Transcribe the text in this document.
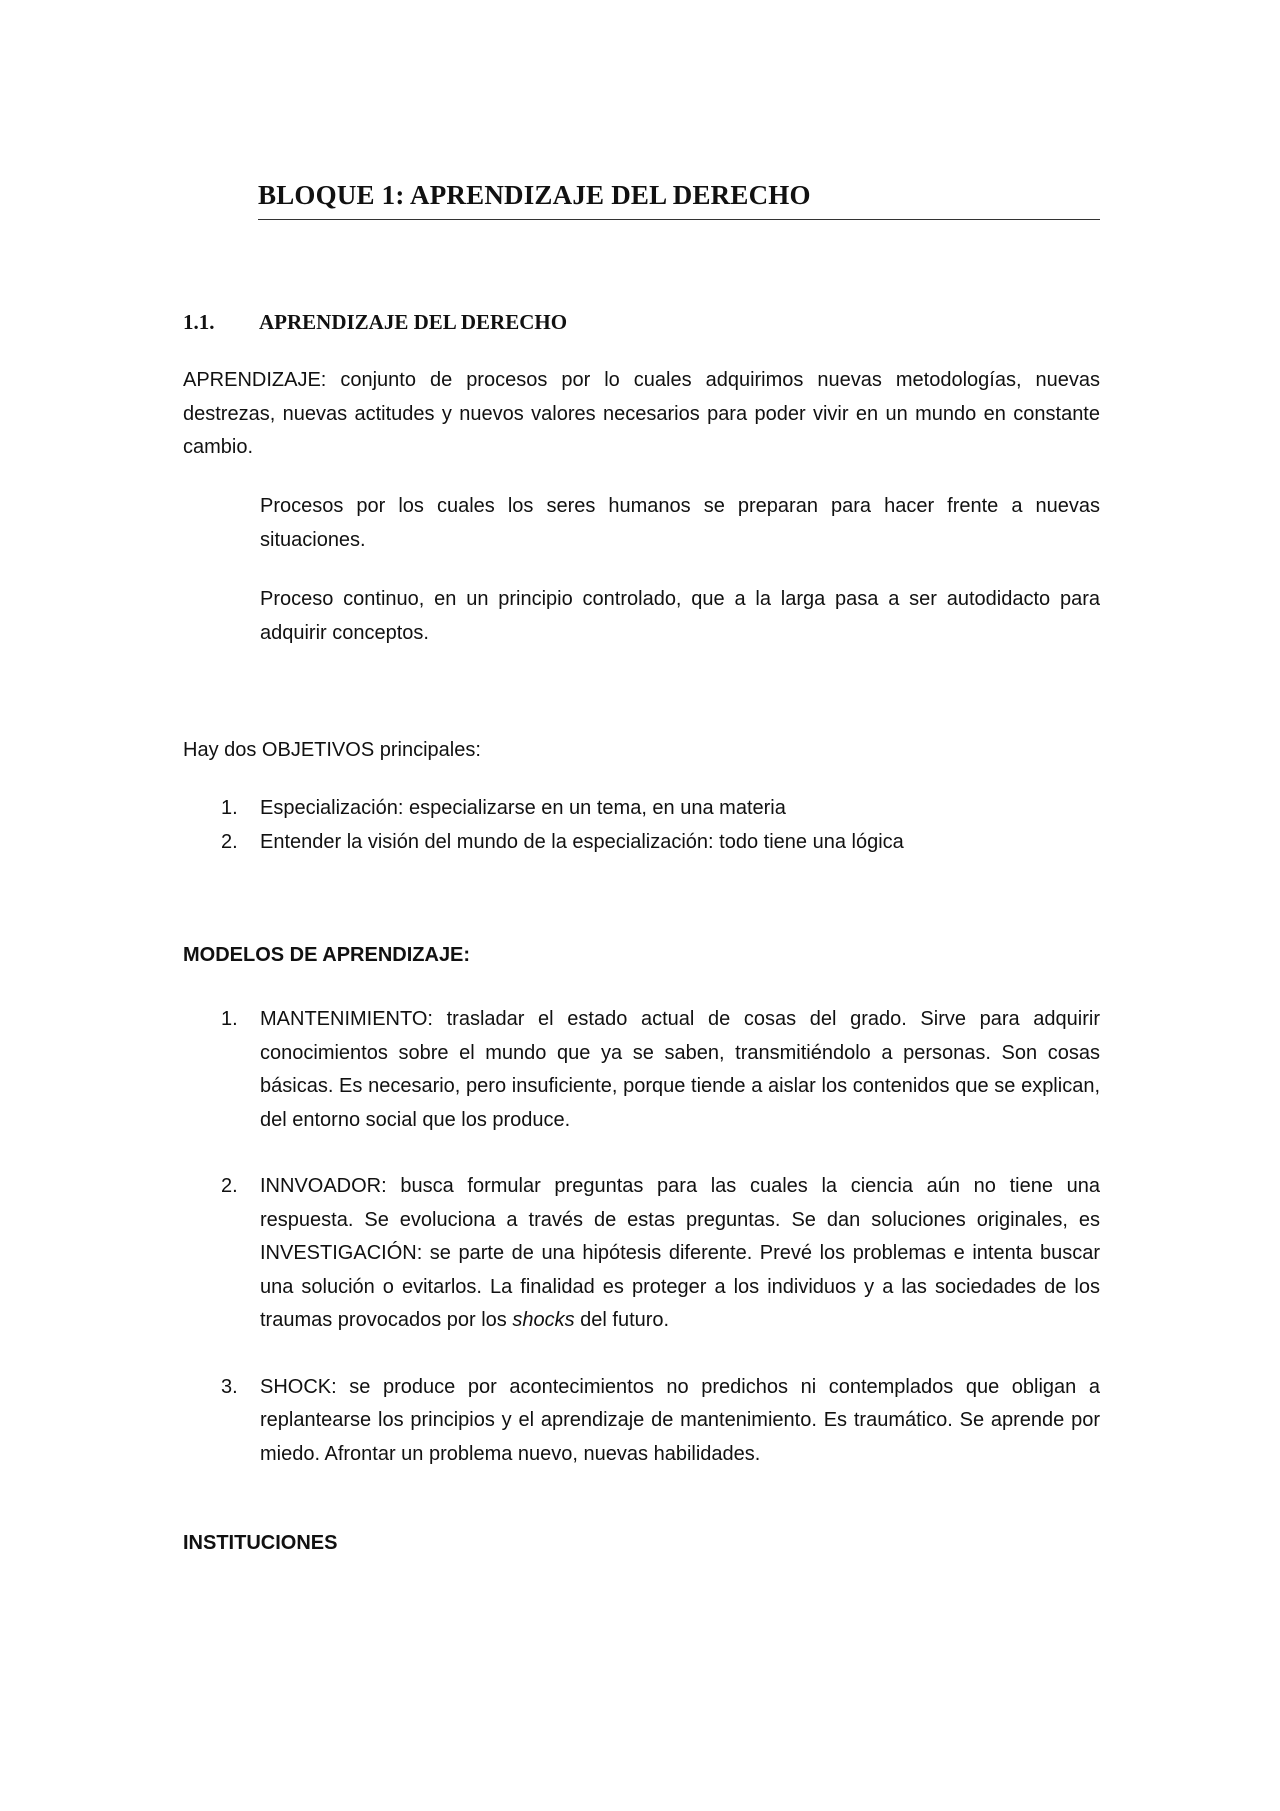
BLOQUE 1: APRENDIZAJE DEL DERECHO
1.1. APRENDIZAJE DEL DERECHO

APRENDIZAJE: conjunto de procesos por lo cuales adquirimos nuevas metodologías, nuevas destrezas, nuevas actitudes y nuevos valores necesarios para poder vivir en un mundo en constante cambio.

Procesos por los cuales los seres humanos se preparan para hacer frente a nuevas situaciones.

Proceso continuo, en un principio controlado, que a la larga pasa a ser autodidacto para adquirir conceptos.

Hay dos OBJETIVOS principales:

1. Especialización: especializarse en un tema, en una materia
2. Entender la visión del mundo de la especialización: todo tiene una lógica
MODELOS DE APRENDIZAJE:
1. MANTENIMIENTO: trasladar el estado actual de cosas del grado. Sirve para adquirir conocimientos sobre el mundo que ya se saben, transmitiéndolo a personas. Son cosas básicas. Es necesario, pero insuficiente, porque tiende a aislar los contenidos que se explican, del entorno social que los produce.
2. INNVOADOR: busca formular preguntas para las cuales la ciencia aún no tiene una respuesta. Se evoluciona a través de estas preguntas. Se dan soluciones originales, es INVESTIGACIÓN: se parte de una hipótesis diferente. Prevé los problemas e intenta buscar una solución o evitarlos. La finalidad es proteger a los individuos y a las sociedades de los traumas provocados por los shocks del futuro.
3. SHOCK: se produce por acontecimientos no predichos ni contemplados que obligan a replantearse los principios y el aprendizaje de mantenimiento. Es traumático. Se aprende por miedo. Afrontar un problema nuevo, nuevas habilidades.
INSTITUCIONES
